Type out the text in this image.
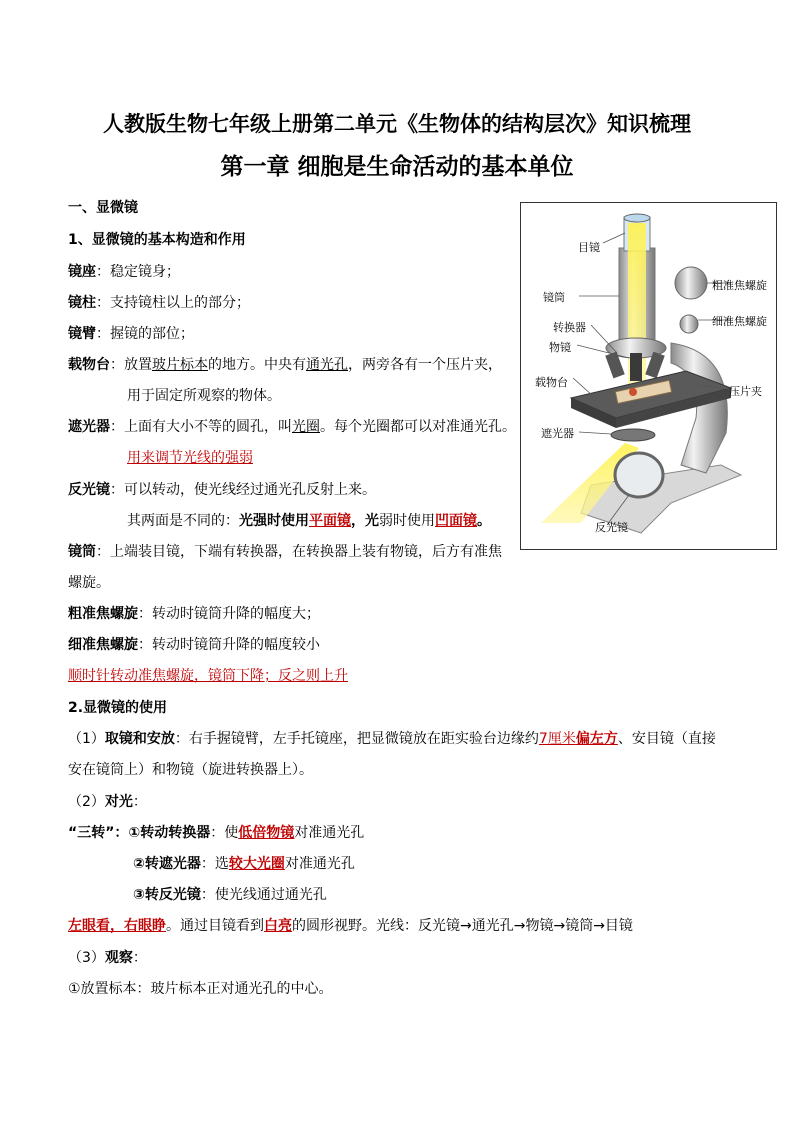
人教版生物七年级上册第二单元《生物体的结构层次》知识梳理
第一章 细胞是生命活动的基本单位
一、显微镜
1、显微镜的基本构造和作用
镜座：稳定镜身；
镜柱：支持镜柱以上的部分；
镜臂：握镜的部位；
载物台：放置玻片标本的地方。中央有通光孔，两旁各有一个压片夹，
用于固定所观察的物体。
遮光器：上面有大小不等的圆孔，叫光圈。每个光圈都可以对准通光孔。
用来调节光线的强弱
反光镜：可以转动，使光线经过通光孔反射上来。
其两面是不同的：光强时使用平面镜，光弱时使用凹面镜。
镜筒：上端装目镜，下端有转换器，在转换器上装有物镜，后方有准焦
螺旋。
粗准焦螺旋：转动时镜筒升降的幅度大；
细准焦螺旋：转动时镜筒升降的幅度较小
顺时针转动准焦螺旋，镜筒下降；反之则上升
2.显微镜的使用
（1）取镜和安放：右手握镜臂，左手托镜座，把显微镜放在距实验台边缘约7厘米偏左方、安目镜（直接
安在镜筒上）和物镜（旋进转换器上）。
（2）对光：
“三转”：①转动转换器：使低倍物镜对准通光孔
②转遮光器：选较大光圈对准通光孔
③转反光镜：使光线通过通光孔
左眼看，右眼睁。通过目镜看到白亮的圆形视野。光线：反光镜→通光孔→物镜→镜筒→目镜
（3）观察：
①放置标本：玻片标本正对通光孔的中心。
目镜
镜筒
粗准焦螺旋
细准焦螺旋
转换器
物镜
载物台
压片夹
遮光器
反光镜
